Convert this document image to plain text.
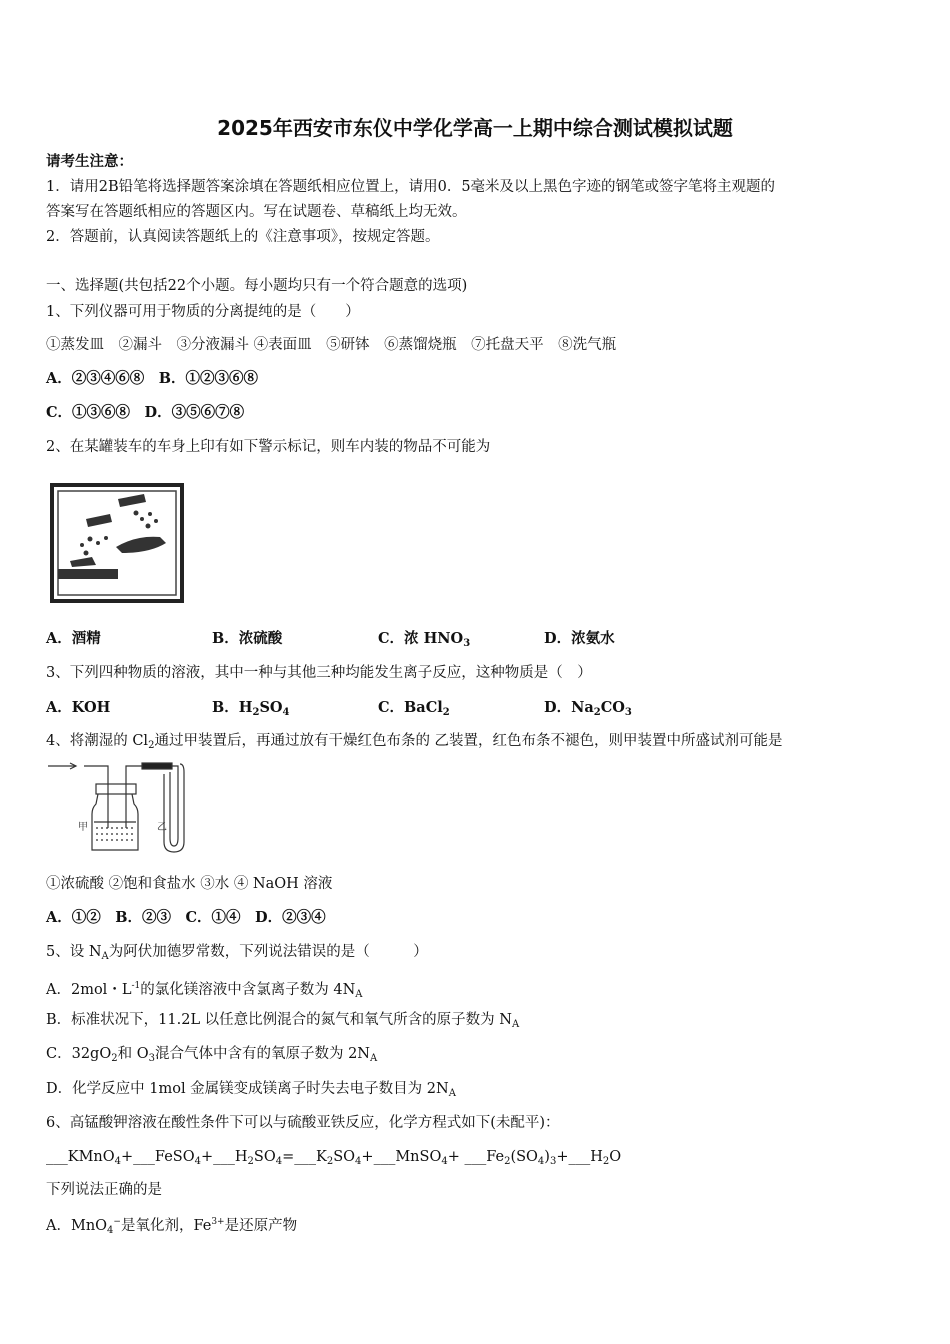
2025年西安市东仪中学化学高一上期中综合测试模拟试题
请考生注意：
1．请用2B铅笔将选择题答案涂填在答题纸相应位置上，请用0．5毫米及以上黑色字迹的钢笔或签字笔将主观题的
答案写在答题纸相应的答题区内。写在试题卷、草稿纸上均无效。
2．答题前，认真阅读答题纸上的《注意事项》，按规定答题。
一、选择题(共包括22个小题。每小题均只有一个符合题意的选项)
1、下列仪器可用于物质的分离提纯的是（　　）
①蒸发皿　②漏斗　③分液漏斗 ④表面皿　⑤研钵　⑥蒸馏烧瓶　⑦托盘天平　⑧洗气瓶
A．②③④⑥⑧　B．①②③⑥⑧
C．①③⑥⑧　D．③⑤⑥⑦⑧
2、在某罐装车的车身上印有如下警示标记，则车内装的物品不可能为
A．酒精	B．浓硫酸	C．浓 $HNO_3$	D．浓氨水
3、下列四种物质的溶液，其中一种与其他三种均能发生离子反应，这种物质是（　）
A．KOH	B．$H_2SO_4$	C．BaCl$_2$	D．$Na_2CO_3$
4、将潮湿的 $Cl_2$通过甲装置后，再通过放有干燥红色布条的 乙装置，红色布条不褪色，则甲装置中所盛试剂可能是
甲	乙
①浓硫酸 ②饱和食盐水 ③水 ④ NaOH 溶液
A．①②　B．②③　C．①④　D．②③④
5、设 $N_A$为阿伏加德罗常数，下列说法错误的是（　　　）
A．2mol・$L^{-1}$的氯化镁溶液中含氯离子数为 $4N_A$
B．标准状况下，11.2L 以任意比例混合的氮气和氧气所含的原子数为 $N_A$
C．$32gO_2$和 $O_3$混合气体中含有的氧原子数为 $2N_A$
D．化学反应中 1mol 金属镁变成镁离子时失去电子数目为 $2N_A$
6、高锰酸钾溶液在酸性条件下可以与硫酸亚铁反应，化学方程式如下(未配平)：
$\_\_\_KMnO_4+\_\_\_FeSO_4+\_\_\_H_2SO_4=\_\_\_K_2SO_4+\_\_\_MnSO_4+$ $\_\_\_Fe_2(SO_4)_3+\_\_\_H_2O$
下列说法正确的是
A．MnO$_4$−是氧化剂，$Fe^{3+}$是还原产物
